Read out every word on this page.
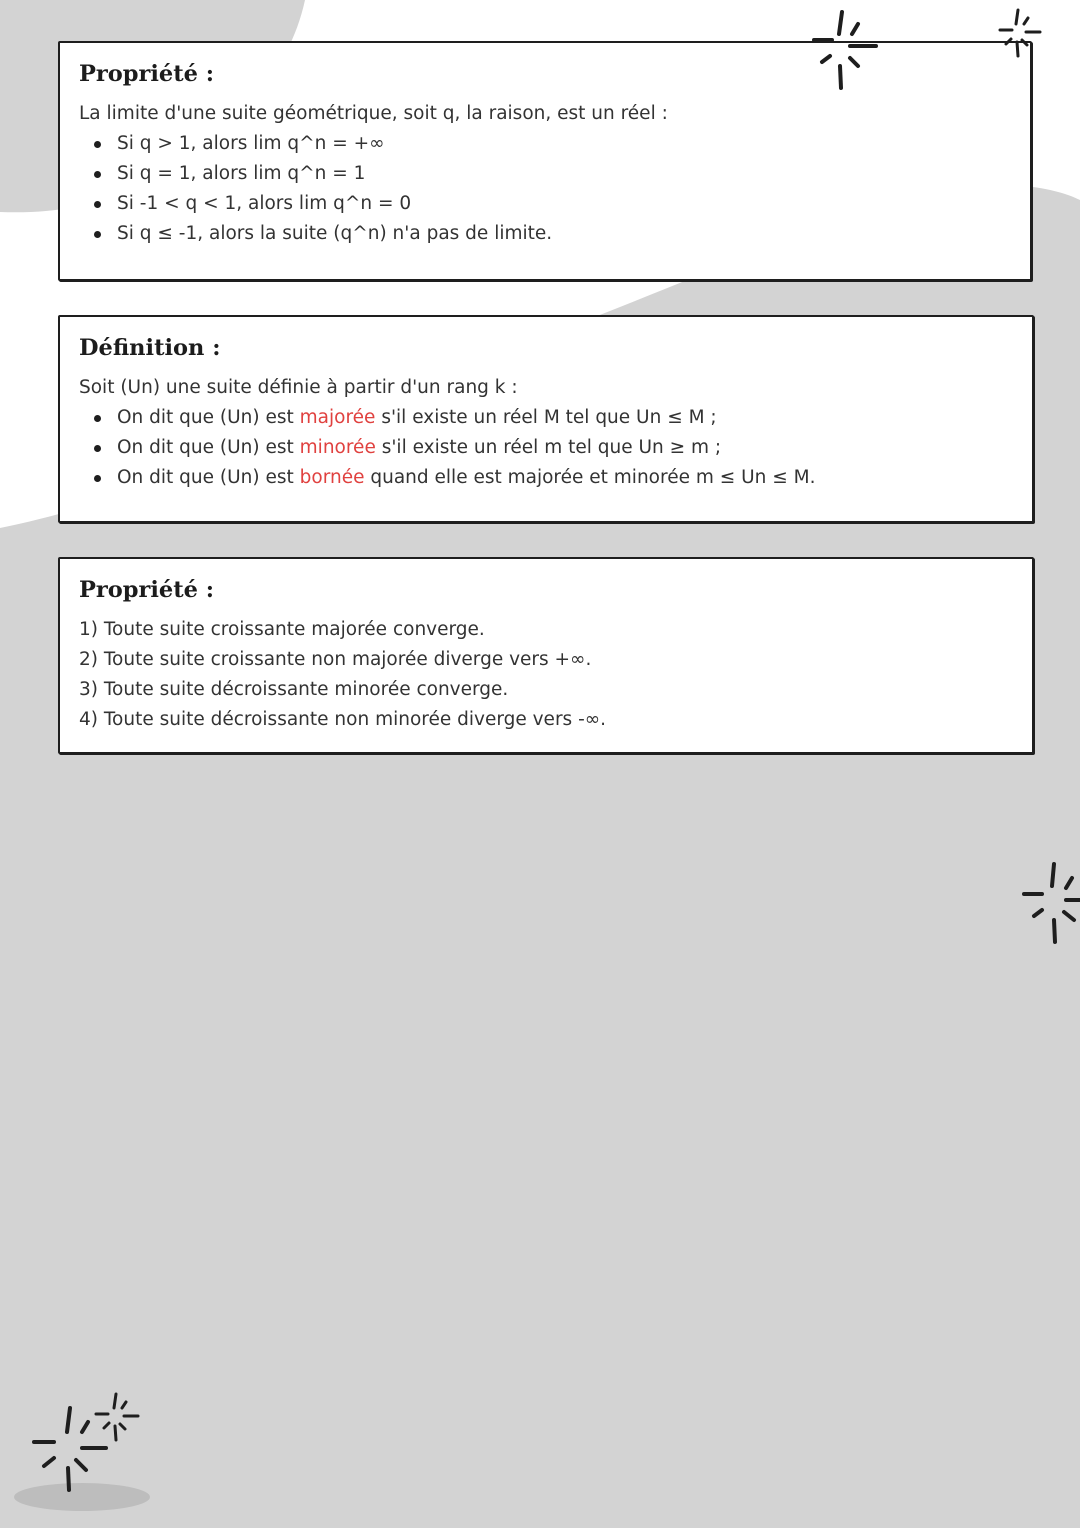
Propriété :

La limite d'une suite géométrique, soit q, la raison, est un réel :

Si q > 1, alors lim q^n = +∞
Si q = 1, alors lim q^n = 1
Si -1 < q < 1, alors lim q^n = 0
Si q ≤ -1, alors la suite (q^n) n'a pas de limite.

Définition :

Soit (Un) une suite définie à partir d'un rang k :

On dit que (Un) est majorée s'il existe un réel M tel que Un ≤ M ;
On dit que (Un) est minorée s'il existe un réel m tel que Un ≥ m ;
On dit que (Un) est bornée quand elle est majorée et minorée m ≤ Un ≤ M.

Propriété :

1) Toute suite croissante majorée converge.
2) Toute suite croissante non majorée diverge vers +∞.
3) Toute suite décroissante minorée converge.
4) Toute suite décroissante non minorée diverge vers -∞.
